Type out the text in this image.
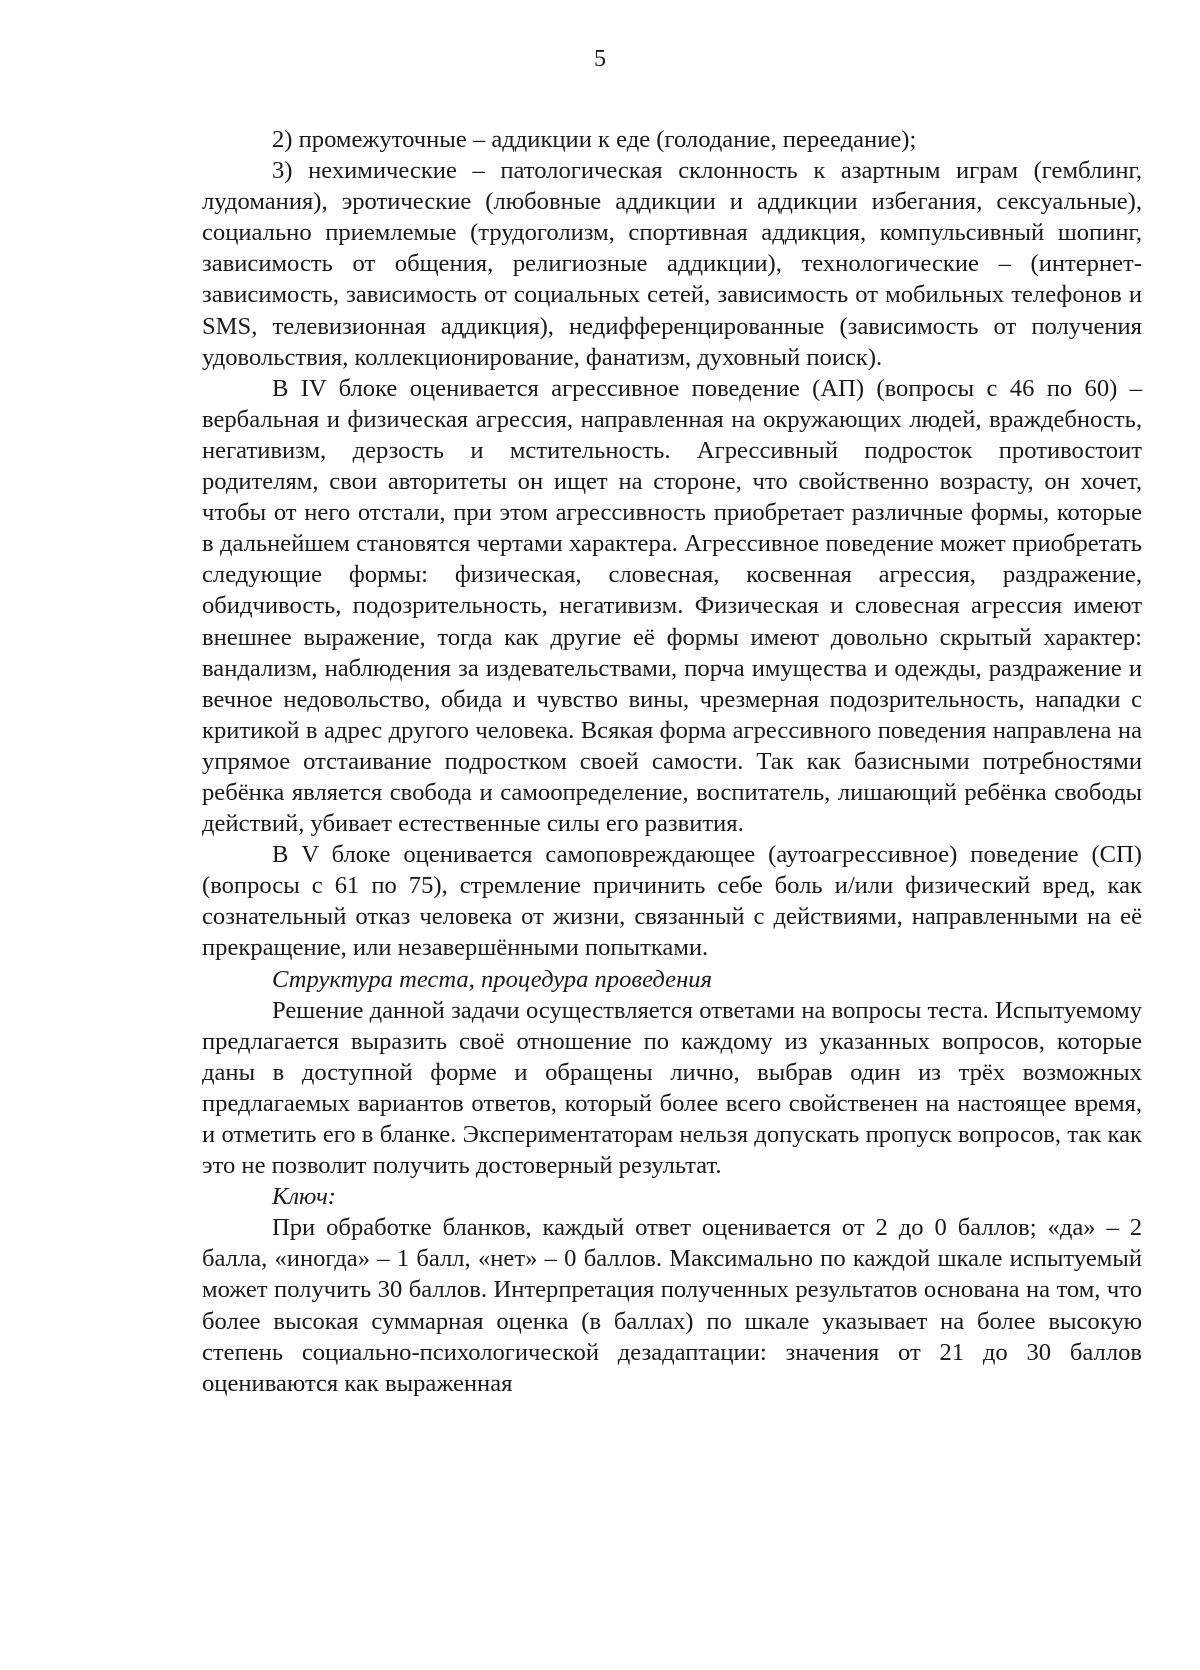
5

2) промежуточные – аддикции к еде (голодание, переедание);

3) нехимические – патологическая склонность к азартным играм (гемблинг, лудомания), эротические (любовные аддикции и аддикции избегания, сексуальные), социально приемлемые (трудоголизм, спортивная аддикция, компульсивный шопинг, зависимость от общения, религиозные аддикции), технологические – (интернет-зависимость, зависимость от социальных сетей, зависимость от мобильных телефонов и SMS, телевизионная аддикция), недифференцированные (зависимость от получения удовольствия, коллекционирование, фанатизм, духовный поиск).

В IV блоке оценивается агрессивное поведение (АП) (вопросы с 46 по 60) – вербальная и физическая агрессия, направленная на окружающих людей, враждебность, негативизм, дерзость и мстительность. Агрессивный подросток противостоит родителям, свои авторитеты он ищет на стороне, что свойственно возрасту, он хочет, чтобы от него отстали, при этом агрессивность приобретает различные формы, которые в дальнейшем становятся чертами характера. Агрессивное поведение может приобретать следующие формы: физическая, словесная, косвенная агрессия, раздражение, обидчивость, подозрительность, негативизм. Физическая и словесная агрессия имеют внешнее выражение, тогда как другие её формы имеют довольно скрытый характер: вандализм, наблюдения за издевательствами, порча имущества и одежды, раздражение и вечное недовольство, обида и чувство вины, чрезмерная подозрительность, нападки с критикой в адрес другого человека. Всякая форма агрессивного поведения направлена на упрямое отстаивание подростком своей самости. Так как базисными потребностями ребёнка является свобода и самоопределение, воспитатель, лишающий ребёнка свободы действий, убивает естественные силы его развития.

В V блоке оценивается самоповреждающее (аутоагрессивное) поведение (СП) (вопросы с 61 по 75), стремление причинить себе боль и/или физический вред, как сознательный отказ человека от жизни, связанный с действиями, направленными на её прекращение, или незавершёнными попытками.

Структура теста, процедура проведения

Решение данной задачи осуществляется ответами на вопросы теста. Испытуемому предлагается выразить своё отношение по каждому из указанных вопросов, которые даны в доступной форме и обращены лично, выбрав один из трёх возможных предлагаемых вариантов ответов, который более всего свойственен на настоящее время, и отметить его в бланке. Экспериментаторам нельзя допускать пропуск вопросов, так как это не позволит получить достоверный результат.

Ключ:

При обработке бланков, каждый ответ оценивается от 2 до 0 баллов; «да» – 2 балла, «иногда» – 1 балл, «нет» – 0 баллов. Максимально по каждой шкале испытуемый может получить 30 баллов. Интерпретация полученных результатов основана на том, что более высокая суммарная оценка (в баллах) по шкале указывает на более высокую степень социально-психологической дезадаптации: значения от 21 до 30 баллов оцениваются как выраженная
